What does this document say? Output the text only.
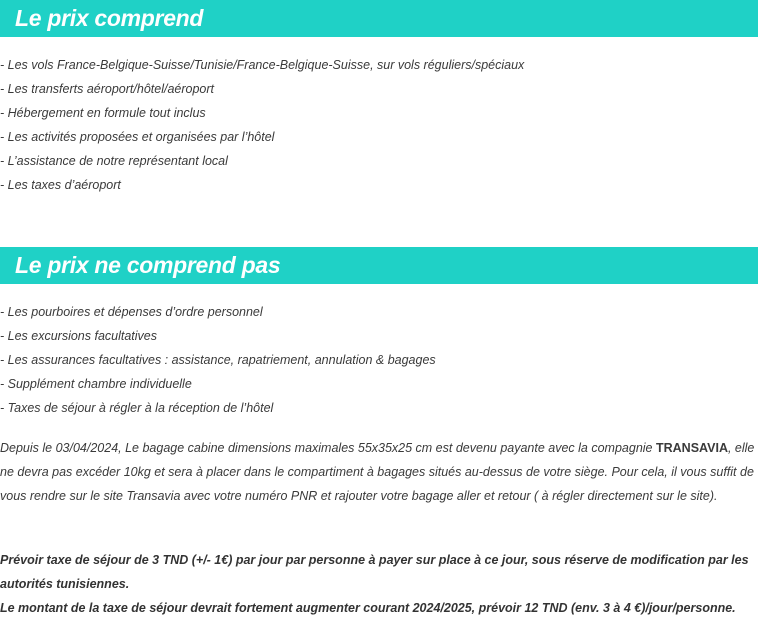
Le prix comprend
- Les vols France-Belgique-Suisse/Tunisie/France-Belgique-Suisse, sur vols réguliers/spéciaux
- Les transferts aéroport/hôtel/aéroport
- Hébergement en formule tout inclus
- Les activités proposées et organisées par l’hôtel
- L’assistance de notre représentant local
- Les taxes d’aéroport
Le prix ne comprend pas
- Les pourboires et dépenses d’ordre personnel
- Les excursions facultatives
- Les assurances facultatives : assistance, rapatriement, annulation & bagages
- Supplément chambre individuelle
- Taxes de séjour à régler à la réception de l’hôtel

Depuis le 03/04/2024, Le bagage cabine dimensions maximales 55x35x25 cm est devenu payante avec la compagnie TRANSAVIA, elle ne devra pas excéder 10kg et sera à placer dans le compartiment à bagages situés au-dessus de votre siège. Pour cela, il vous suffit de vous rendre sur le site Transavia avec votre numéro PNR et rajouter votre bagage aller et retour ( à régler directement sur le site).

Prévoir taxe de séjour de 3 TND (+/- 1€) par jour par personne à payer sur place à ce jour, sous réserve de modification par les autorités tunisiennes.

Le montant de la taxe de séjour devrait fortement augmenter courant 2024/2025, prévoir 12 TND (env. 3 à 4 €)/jour/personne.
